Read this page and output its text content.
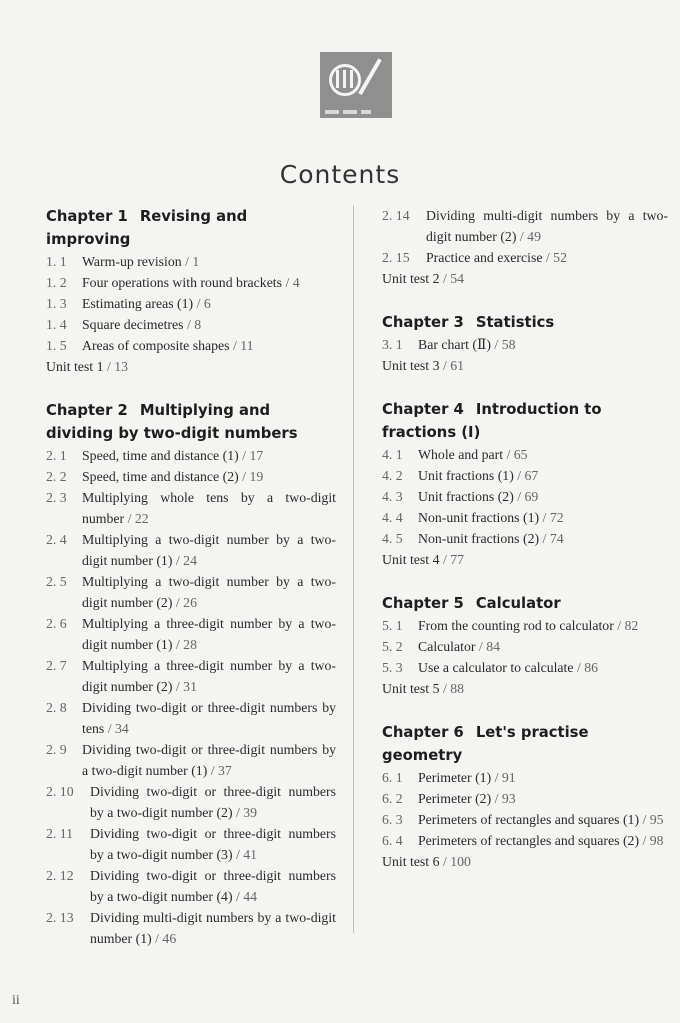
Contents
Chapter 1 Revising and improving
1. 1	Warm-up revision / 1
1. 2	Four operations with round brackets / 4
1. 3	Estimating areas (1) / 6
1. 4	Square decimetres / 8
1. 5	Areas of composite shapes / 11
Unit test 1 / 13
Chapter 2 Multiplying and dividing by two-digit numbers
2. 1	Speed, time and distance (1) / 17
2. 2	Speed, time and distance (2) / 19
2. 3	Multiplying whole tens by a two-digit number / 22
2. 4	Multiplying a two-digit number by a two-digit number (1) / 24
2. 5	Multiplying a two-digit number by a two-digit number (2) / 26
2. 6	Multiplying a three-digit number by a two-digit number (1) / 28
2. 7	Multiplying a three-digit number by a two-digit number (2) / 31
2. 8	Dividing two-digit or three-digit numbers by tens / 34
2. 9	Dividing two-digit or three-digit numbers by a two-digit number (1) / 37
2. 10	Dividing two-digit or three-digit numbers by a two-digit number (2) / 39
2. 11	Dividing two-digit or three-digit numbers by a two-digit number (3) / 41
2. 12	Dividing two-digit or three-digit numbers by a two-digit number (4) / 44
2. 13	Dividing multi-digit numbers by a two-digit number (1) / 46
2. 14	Dividing multi-digit numbers by a two-digit number (2) / 49
2. 15	Practice and exercise / 52
Unit test 2 / 54
Chapter 3 Statistics
3. 1	Bar chart (Ⅱ) / 58
Unit test 3 / 61
Chapter 4 Introduction to fractions (Ⅰ)
4. 1	Whole and part / 65
4. 2	Unit fractions (1) / 67
4. 3	Unit fractions (2) / 69
4. 4	Non-unit fractions (1) / 72
4. 5	Non-unit fractions (2) / 74
Unit test 4 / 77
Chapter 5 Calculator
5. 1	From the counting rod to calculator / 82
5. 2	Calculator / 84
5. 3	Use a calculator to calculate / 86
Unit test 5 / 88
Chapter 6 Let's practise geometry
6. 1	Perimeter (1) / 91
6. 2	Perimeter (2) / 93
6. 3	Perimeters of rectangles and squares (1) / 95
6. 4	Perimeters of rectangles and squares (2) / 98
Unit test 6 / 100
ii
